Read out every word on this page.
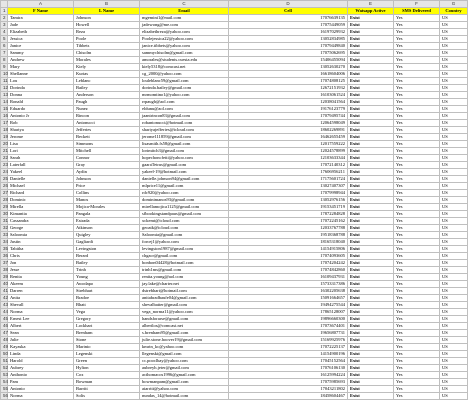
	A	B	C	D	E	F	G
1	F Name	L Name	Email	Cell	Watsapp Active	SMS Delivered	Country
2	Tamira	Johnson	mgemini1@mail.com	17076639135	Exist	Yes	US
3	Jade	Howell	jadewong@me.com	17075449059	Exist	Yes	US
4	Elizabeth	Reza	elizabethreza@yahoo.com	16197029932	Exist	Yes	US
5	Jessica	Poole	Poolejessica22@yahoo.com	13052834985	Exist	Yes	US
6	Janice	Tibbets	janice.tibbets@yahoo.com	17079449840	Exist	Yes	US
7	Sammy	Chisolm	sammychisolm@gmail.com	17075062695	Exist	Yes	US
8	Andrew	Morales	amorales@students.cuesta.edu	15406455094	Exist	Yes	US
9	Mary	Kiely	kiely5318@comcast.net	13052630270	Exist	Yes	US
10	Shellanne	Kurtas	cg_2000@yahoo.com	16618604006	Exist	Yes	US
11	Lou	Leblanc	louleblanc59@gmail.com	17074808125	Exist	Yes	US
12	Dorinda	Bailey	dorinda.bailey@gmail.com	12672151932	Exist	Yes	US
13	Donna	Anderson	mrmomtino1@yahoo.com	16103061524	Exist	Yes	US
14	Ronald	Paugh	rrpaugh@aol.com	12038041564	Exist	Yes	US
15	Eduardo	Nunez	eldunu@aol.com	19176123779	Exist	Yes	US
16	Antonio Jr	Rincon	jaantrincon83@gmail.com	17079495744	Exist	Yes	US
17	Rob	Antonucci	robantonucci@hotmail.com	12064598049	Exist	Yes	US
18	Shariya	Jefferies	shariyajefferies@icloud.com	18602269891	Exist	Yes	US
19	Jerome	Beckett	jerome111859@gmail.com	16462655459	Exist	Yes	US
20	Lisa	Simmons	lisasmith.fs58@gmail.com	12017559222	Exist	Yes	US
21	Lori	Mitchell	lorimitch3@gmail.com	12024578899	Exist	Yes	US
22	Sarah	Connor	hopechoncfetti@yahoo.com	12103633344	Exist	Yes	US
23	Laterfall	Gray	gaaraTetrus@gmail.com	17072140312	Exist	Yes	US
24	Yakeel	Aydin	yakeel-19@hotmail.com	17606956211	Exist	Yes	US
25	Danielle	Johnson	danielle.johnson94@gmail.com	17175601724	Exist	Yes	US
26	Michael	Price	mlprice11@gmail.com	13027407307	Exist	Yes	US
27	Richard	Collins	rdc920@yahoo.com	17079998944	Exist	Yes	US
28	Dominic	Manos	dominimanos93@gmail.com	13052976156	Exist	Yes	US
29	Mirella	Mojica-Morales	mirellamojica1125@gmail.com	19153451719	Exist	Yes	US
30	Kimantia	Pangala	sfbookingstandpaus@gmail.com	17872284828	Exist	Yes	US
31	Cassandra	Estrada	xckemt@icloud.com	17072245162	Exist	Yes	US
32	George	Atkinson	geoatk@icloud.com	12033767788	Exist	Yes	US
33	Saloomia	Quigley	Saloomia@gmail.com	19518368788	Exist	Yes	US
34	Justin	Gagliardi	forcej1@yahoo.com	18165318040	Exist	Yes	US
35	Tabitha	Levingston	levingston1987@gmail.com	14154915806	Exist	Yes	US
36	Chris	Berard	chgacr@gmail.com	17074093605	Exist	Yes	US
37	Jon	Bailey	bonbon04428@hotmail.com	17074204242	Exist	Yes	US
38	Jesse	Trinh	trinh1ms@gmail.com	17074842860	Exist	Yes	US
39	Renita	Young	renita.young@aol.com	16109437931	Exist	Yes	US
40	Akeem	Awodapo	jay.lake@charter.net	15733317386	Exist	Yes	US
41	Darren	Strebhart	dstrebhart@hotmail.com	16302205638	Exist	Yes	US
42	Anita	Bradoe	anitabradbaufe04@gmail.com	15091664657	Exist	Yes	US
43	Shevall	Bhatt	shevalbatter@gmail.com	19494275544	Exist	Yes	US
44	Norma	Vega	vega_norma11@yahoo.com	17865128007	Exist	Yes	US
45	Ernest Lee	Gregory	handsforarse@gmail.com	19896660300	Exist	Yes	US
46	Albert	Lockhart	albertlos@comcast.net	17073674401	Exist	Yes	US
47	Sean	Brenham	s.brenham95@gmail.com	19656807731	Exist	Yes	US
48	Julie	Stone	julie.stone.hoover19@gmail.com	15169925976	Exist	Yes	US
49	Kayaska	Marinio	kmrin_kc@yahoo.com	17072225137	Exist	Yes	US
50	Linda	Legenski	llegenski@gmail.com	14154900196	Exist	Yes	US
51	Harold	Green	cc.pooclbay@yahoo.com	17045152564	Exist	Yes	US
52	Aubrey	Hylton	aubreyh.jeter@gmail.com	17076106130	Exist	Yes	US
53	Anthonio	Cox	acthomacos1996@gmail.com	16125994224	Exist	Yes	US
54	Pam	Bowman	bowmanpam@gmail.com	17075985693	Exist	Yes	US
55	Antonio	Barritt	aiarritt@yahoo.com	17043211802	Exist	Yes	US
56	Norma	Solis	nundas_14@hotmail.com	18458604467	Exist	Yes	US
